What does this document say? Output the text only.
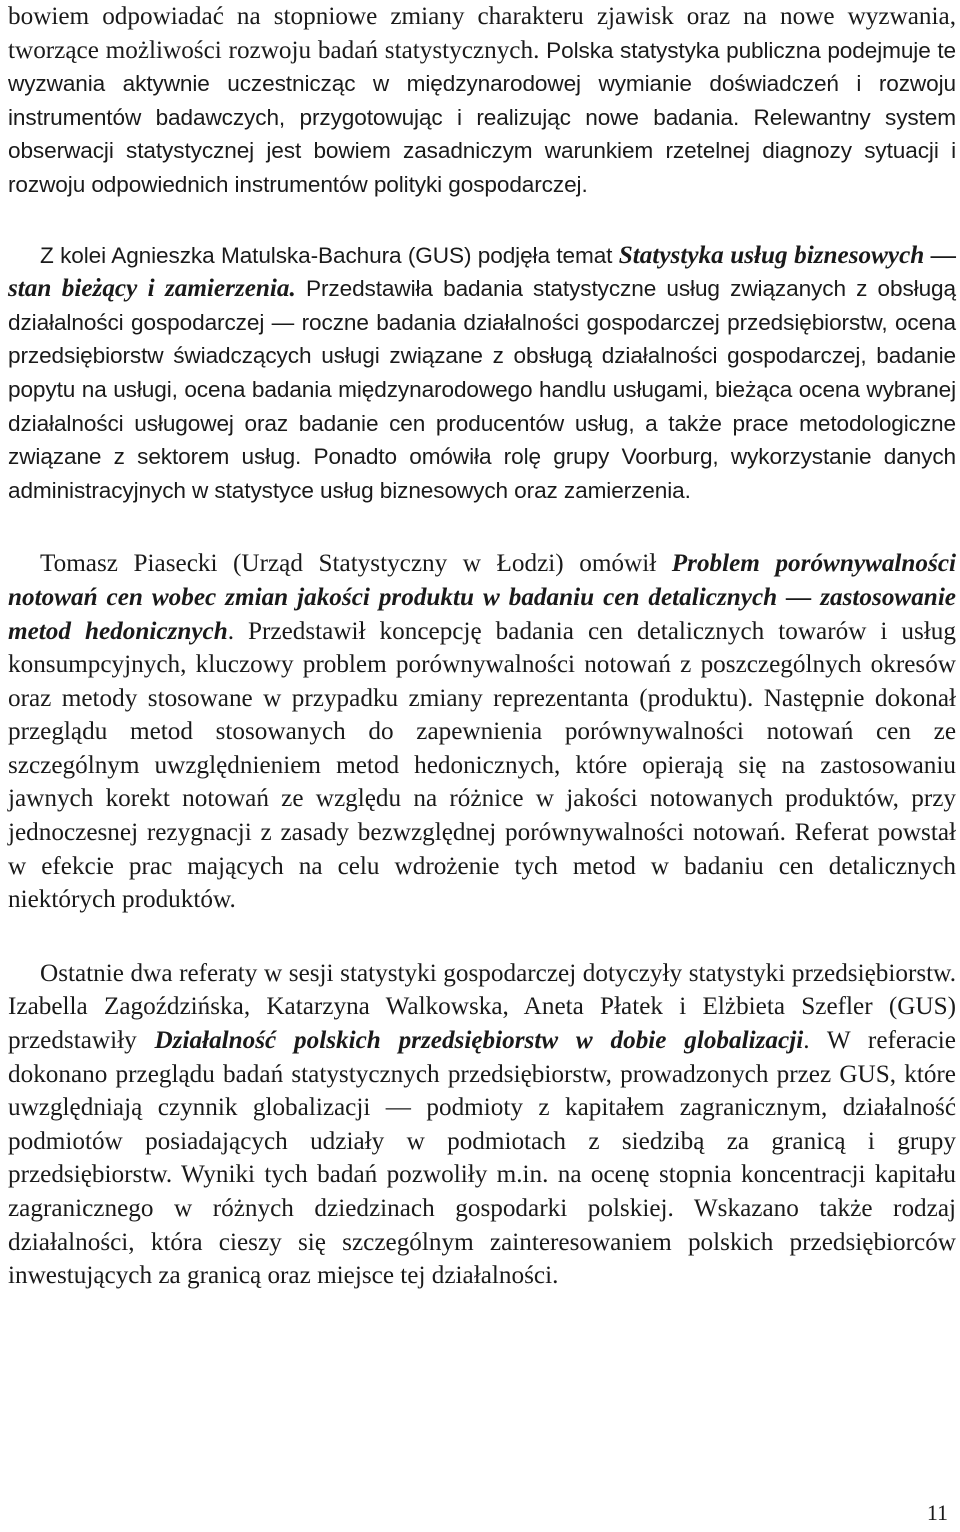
bowiem odpowiadać na stopniowe zmiany charakteru zjawisk oraz na nowe wyzwania, tworzące możliwości rozwoju badań statystycznych. Polska statystyka publiczna podejmuje te wyzwania aktywnie uczestnicząc w międzynarodowej wymianie doświadczeń i rozwoju instrumentów badawczych, przygotowując i realizując nowe badania. Relewantny system obserwacji statystycznej jest bowiem zasadniczym warunkiem rzetelnej diagnozy sytuacji i rozwoju odpowiednich instrumentów polityki gospodarczej.

Z kolei Agnieszka Matulska-Bachura (GUS) podjęła temat Statystyka usług biznesowych — stan bieżący i zamierzenia. Przedstawiła badania statystyczne usług związanych z obsługą działalności gospodarczej — roczne badania działalności gospodarczej przedsiębiorstw, ocena przedsiębiorstw świadczących usługi związane z obsługą działalności gospodarczej, badanie popytu na usługi, ocena badania międzynarodowego handlu usługami, bieżąca ocena wybranej działalności usługowej oraz badanie cen producentów usług, a także prace metodologiczne związane z sektorem usług. Ponadto omówiła rolę grupy Voorburg, wykorzystanie danych administracyjnych w statystyce usług biznesowych oraz zamierzenia.

Tomasz Piasecki (Urząd Statystyczny w Łodzi) omówił Problem porównywalności notowań cen wobec zmian jakości produktu w badaniu cen detalicznych — zastosowanie metod hedonicznych. Przedstawił koncepcję badania cen detalicznych towarów i usług konsumpcyjnych, kluczowy problem porównywalności notowań z poszczególnych okresów oraz metody stosowane w przypadku zmiany reprezentanta (produktu). Następnie dokonał przeglądu metod stosowanych do zapewnienia porównywalności notowań cen ze szczególnym uwzględnieniem metod hedonicznych, które opierają się na zastosowaniu jawnych korekt notowań ze względu na różnice w jakości notowanych produktów, przy jednoczesnej rezygnacji z zasady bezwzględnej porównywalności notowań. Referat powstał w efekcie prac mających na celu wdrożenie tych metod w badaniu cen detalicznych niektórych produktów.

Ostatnie dwa referaty w sesji statystyki gospodarczej dotyczyły statystyki przedsiębiorstw. Izabella Zagoździńska, Katarzyna Walkowska, Aneta Płatek i Elżbieta Szefler (GUS) przedstawiły Działalność polskich przedsiębiorstw w dobie globalizacji. W referacie dokonano przeglądu badań statystycznych przedsiębiorstw, prowadzonych przez GUS, które uwzględniają czynnik globalizacji — podmioty z kapitałem zagranicznym, działalność podmiotów posiadających udziały w podmiotach z siedzibą za granicą i grupy przedsiębiorstw. Wyniki tych badań pozwoliły m.in. na ocenę stopnia koncentracji kapitału zagranicznego w różnych dziedzinach gospodarki polskiej. Wskazano także rodzaj działalności, która cieszy się szczególnym zainteresowaniem polskich przedsiębiorców inwestujących za granicą oraz miejsce tej działalności.

11
